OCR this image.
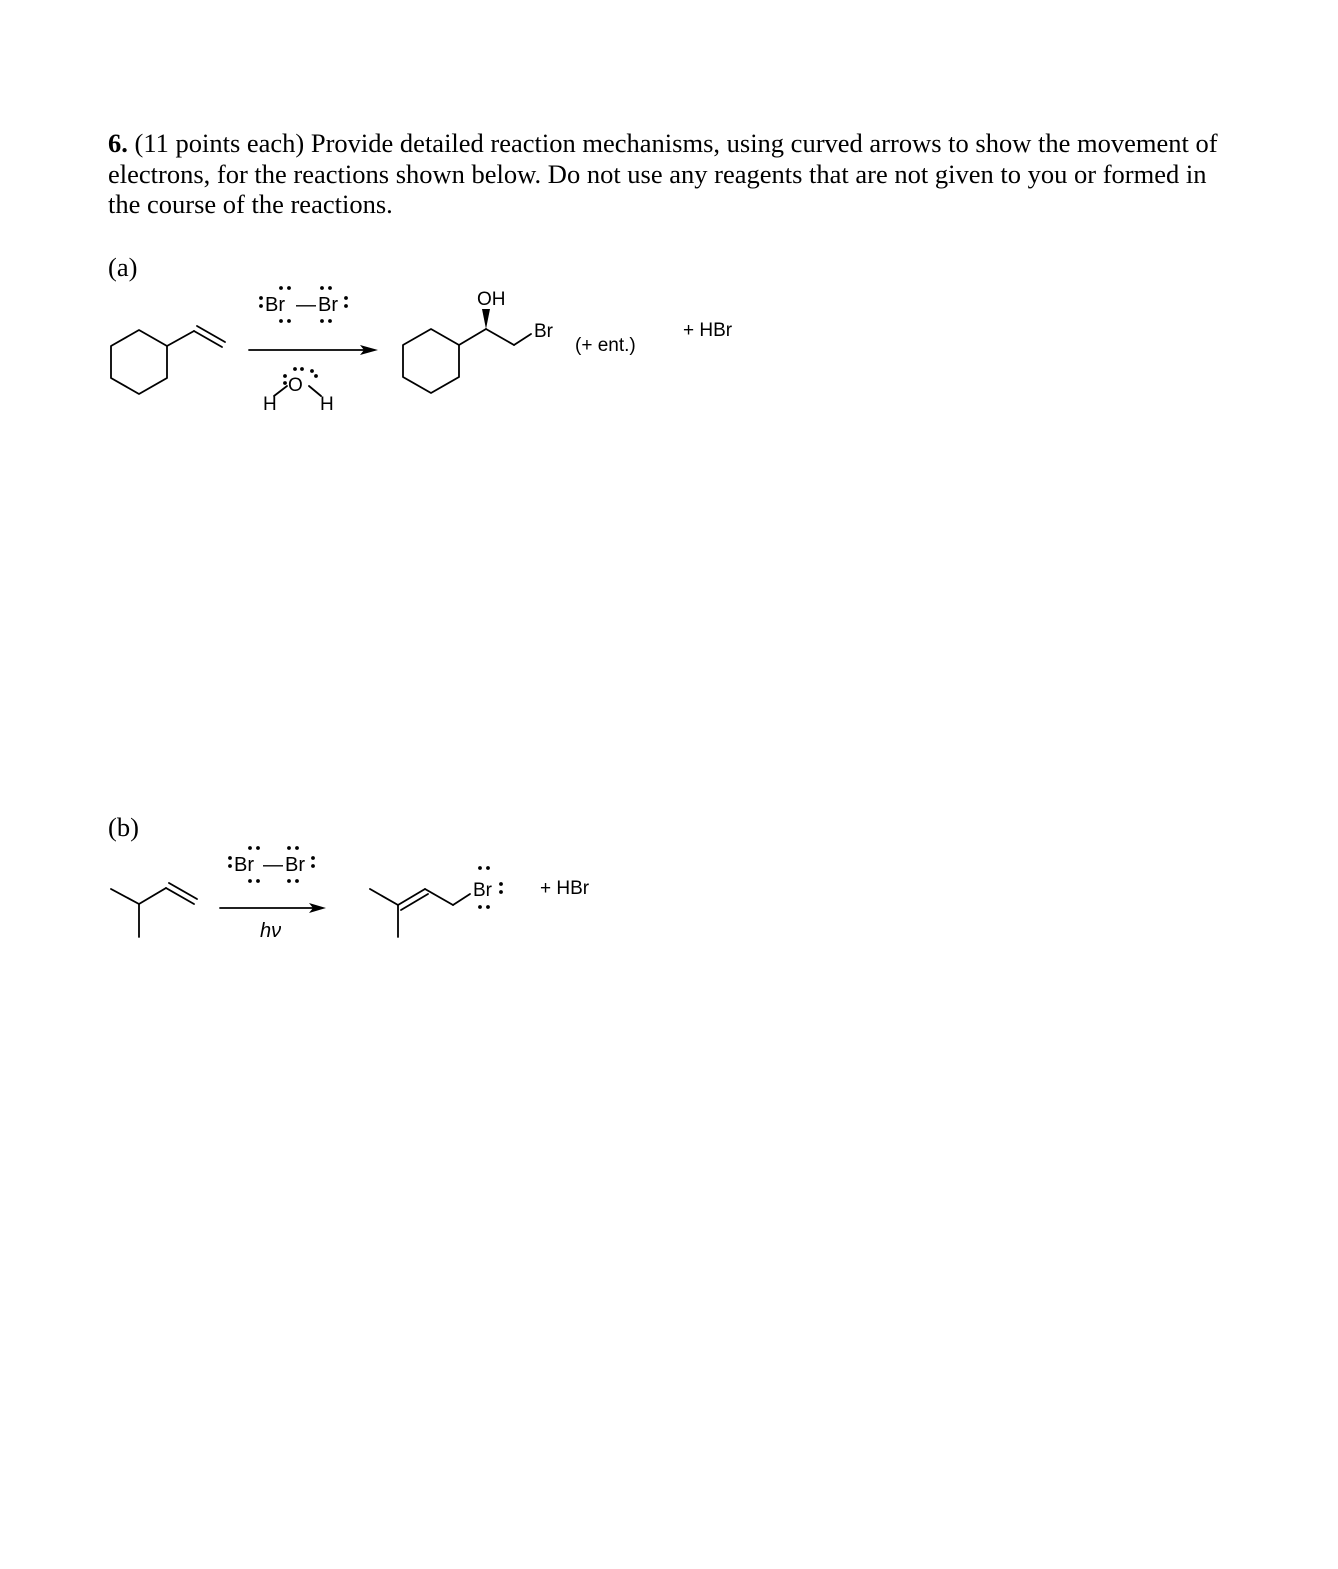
6. (11 points each) Provide detailed reaction mechanisms, using curved arrows to show the movement of electrons, for the reactions shown below. Do not use any reagents that are not given to you or formed in the course of the reactions.

(a)
(b)
Br — Br
O
H H
OH
Br
(+ ent.)
+ HBr
Br — Br
hν
Br	+ HBr
